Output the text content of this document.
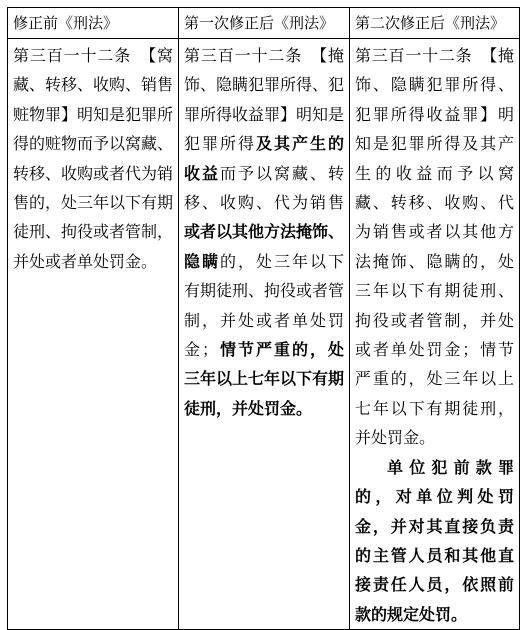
修正前《刑法》	第一次修正后《刑法》	第二次修正后《刑法》

第三百一十二条　【窝藏、转移、收购、销售赃物罪】明知是犯罪所得的赃物而予以窝藏、转移、收购或者代为销售的，处三年以下有期徒刑、拘役或者管制，并处或者单处罚金。	第三百一十二条　【掩饰、隐瞒犯罪所得、犯罪所得收益罪】明知是犯罪所得及其产生的收益而予以窝藏、转移、收购、代为销售或者以其他方法掩饰、隐瞒的，处三年以下有期徒刑、拘役或者管制，并处或者单处罚金；情节严重的，处三年以上七年以下有期徒刑，并处罚金。	第三百一十二条　【掩饰、隐瞒犯罪所得、犯罪所得收益罪】明知是犯罪所得及其产生的收益而予以窝藏、转移、收购、代为销售或者以其他方法掩饰、隐瞒的，处三年以下有期徒刑、拘役或者管制，并处或者单处罚金；情节严重的，处三年以上七年以下有期徒刑，并处罚金。

单位犯前款罪的，对单位判处罚金，并对其直接负责的主管人员和其他直接责任人员，依照前款的规定处罚。
